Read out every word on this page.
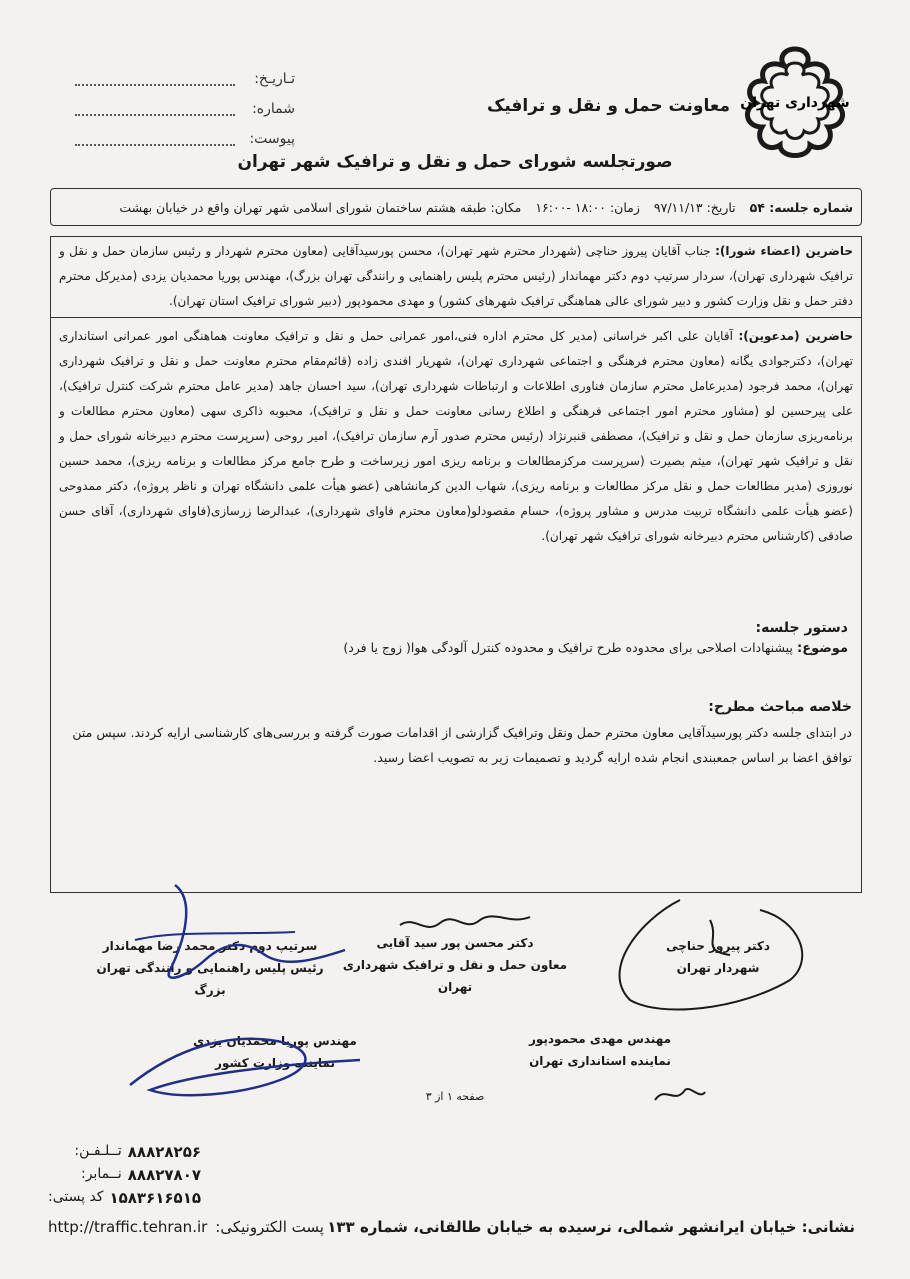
شهرداری تهران
معاونت حمل و نقل و ترافیک
تـاریـخ:
شماره:
پیوست:
صورتجلسه شورای حمل و نقل و ترافیک شهر تهران
شماره جلسه: ۵۴
تاریخ: ۹۷/۱۱/۱۳
زمان: ۱۸:۰۰ -۱۶:۰۰
مکان: طبقه هشتم ساختمان شورای اسلامی شهر تهران واقع در خیابان بهشت
حاضرین (اعضاء شورا): جناب آقایان پیروز حناچی (شهردار محترم شهر تهران)، محسن پورسیدآقایی (معاون محترم شهردار و رئیس سازمان حمل و نقل و ترافیک شهرداری تهران)، سردار سرتیپ دوم دکتر مهماندار (رئیس محترم پلیس راهنمایی و رانندگی تهران بزرگ)، مهندس پوریا محمدیان یزدی (مدیرکل محترم دفتر حمل و نقل وزارت کشور و دبیر شورای عالی هماهنگی ترافیک شهرهای کشور) و مهدی محمودپور (دبیر شورای ترافیک استان تهران).
حاضرین (مدعوین): آقایان علی اکبر خراسانی (مدیر کل محترم اداره فنی،امور عمرانی حمل و نقل و ترافیک معاونت هماهنگی امور عمرانی استانداری تهران)، دکترجوادی یگانه (معاون محترم فرهنگی و اجتماعی شهرداری تهران)، شهریار افندی زاده (قائم‌مقام محترم معاونت حمل و نقل و ترافیک شهرداری تهران)، محمد فرجود (مدیرعامل محترم سازمان فناوری اطلاعات و ارتباطات شهرداری تهران)، سید احسان جاهد (مدیر عامل محترم شرکت کنترل ترافیک)، علی پیرحسین لو (مشاور محترم امور اجتماعی فرهنگی و اطلاع رسانی معاونت حمل و نقل و ترافیک)، محبوبه ذاکری سهی (معاون محترم مطالعات و برنامه‌ریزی سازمان حمل و نقل و ترافیک)، مصطفی قنبرنژاد (رئیس محترم صدور آرم سازمان ترافیک)، امیر روحی (سرپرست محترم دبیرخانه شورای حمل و نقل و ترافیک شهر تهران)، میثم بصیرت (سرپرست مرکزمطالعات و برنامه ریزی امور زیرساخت و طرح جامع مرکز مطالعات و برنامه ریزی)، محمد حسین نوروزی (مدیر مطالعات حمل و نقل مرکز مطالعات و برنامه ریزی)، شهاب الدین کرمانشاهی (عضو هیأت علمی دانشگاه تهران و ناظر پروژه)، دکتر ممدوحی (عضو هیأت علمی دانشگاه تربیت مدرس و مشاور پروژه)، حسام مقصودلو(معاون محترم فاوای شهرداری)، عبدالرضا زرسازی(فاوای شهرداری)، آقای حسن صادقی (کارشناس محترم دبیرخانه شورای ترافیک شهر تهران).
دستور جلسه:
موضوع: پیشنهادات اصلاحی برای محدوده طرح ترافیک و محدوده کنترل آلودگی هوا( زوج یا فرد)
خلاصه مباحث مطرح:
در ابتدای جلسه دکتر پورسیدآقایی معاون محترم حمل ونقل وترافیک گزارشی از اقدامات صورت گرفته و بررسی‌های کارشناسی ارایه کردند. سپس متن توافق اعضا بر اساس جمعبندی انجام شده ارایه گردید و تصمیمات زیر به تصویب اعضا رسید.
دکتر پیروز حناچی
شهردار تهران
دکتر محسن پور سید آقایی
معاون حمل و نقل و ترافیک شهرداری تهران
سرتیپ دوم دکتر محمد رضا مهماندار
رئیس پلیس راهنمایی و رانندگی تهران بزرگ
مهندس مهدی محمودپور
نماینده استانداری تهران
مهندس پوریا محمدیان یزدی
نماینده وزارت کشور
صفحه ۱ از ۳
۸۸۸۲۸۲۵۶
تــلـفـن:
۸۸۸۲۷۸۰۷
نــمابر:
۱۵۸۳۶۱۶۵۱۵
کد پستی:
پست الکترونیکی:
http://traffic.tehran.ir	نشانی: خیابان ایرانشهر شمالی، نرسیده به خیابان طالقانی، شماره ۱۳۳
